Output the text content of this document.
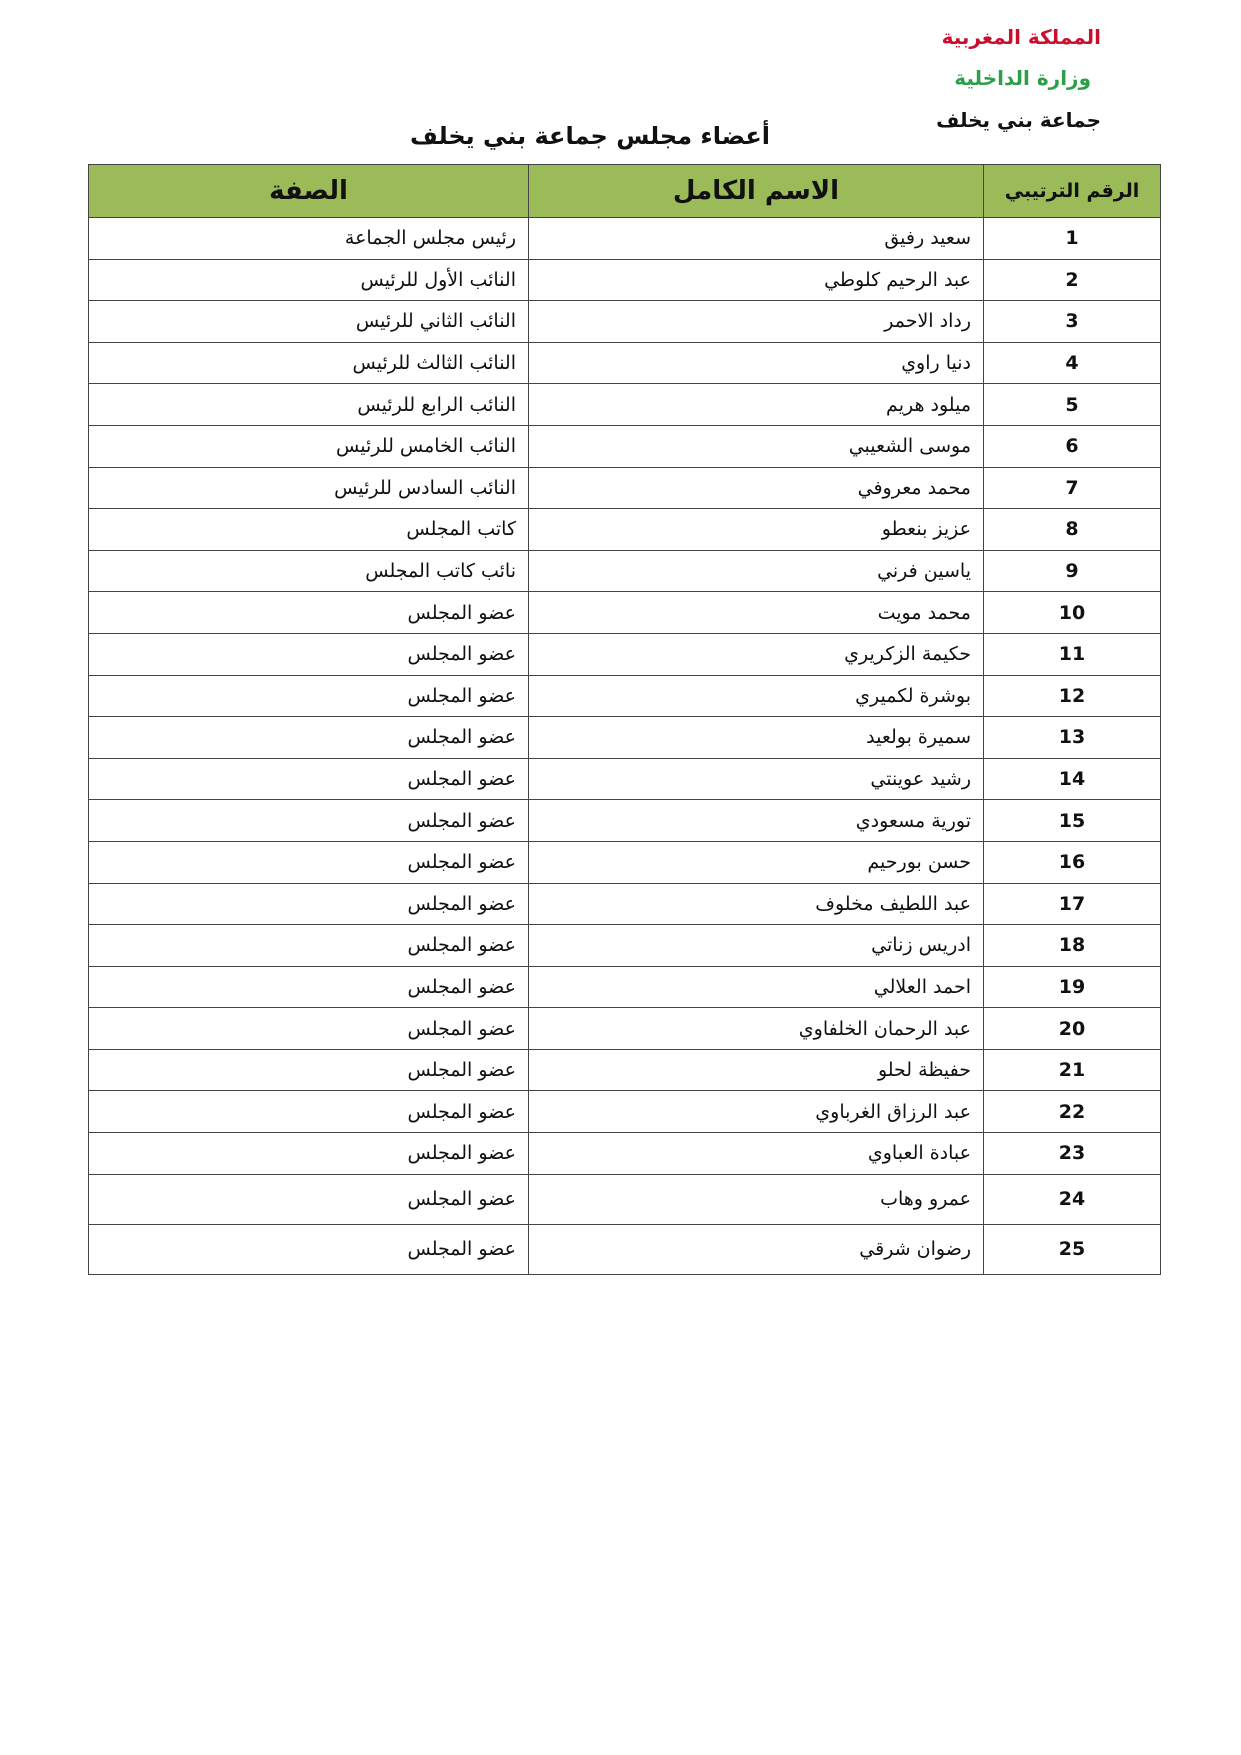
المملكة المغربية
وزارة الداخلية
جماعة بني يخلف
أعضاء مجلس جماعة بني يخلف
الصفة	الاسم الكامل	الرقم الترتيبي
رئيس مجلس الجماعة	سعيد رفيق	1
النائب الأول للرئيس	عبد الرحيم كلوطي	2
النائب الثاني للرئيس	رداد الاحمر	3
النائب الثالث للرئيس	دنيا راوي	4
النائب الرابع للرئيس	ميلود هريم	5
النائب الخامس للرئيس	موسى الشعيبي	6
النائب السادس للرئيس	محمد معروفي	7
كاتب المجلس	عزيز بنعطو	8
نائب كاتب المجلس	ياسين فرني	9
عضو المجلس	محمد مويت	10
عضو المجلس	حكيمة الزكريري	11
عضو المجلس	بوشرة لكميري	12
عضو المجلس	سميرة بولعيد	13
عضو المجلس	رشيد عوينتي	14
عضو المجلس	تورية مسعودي	15
عضو المجلس	حسن بورحيم	16
عضو المجلس	عبد اللطيف مخلوف	17
عضو المجلس	ادريس زناتي	18
عضو المجلس	احمد العلالي	19
عضو المجلس	عبد الرحمان الخلفاوي	20
عضو المجلس	حفيظة لحلو	21
عضو المجلس	عبد الرزاق الغرباوي	22
عضو المجلس	عبادة العباوي	23
عضو المجلس	عمرو وهاب	24
عضو المجلس	رضوان شرقي	25
